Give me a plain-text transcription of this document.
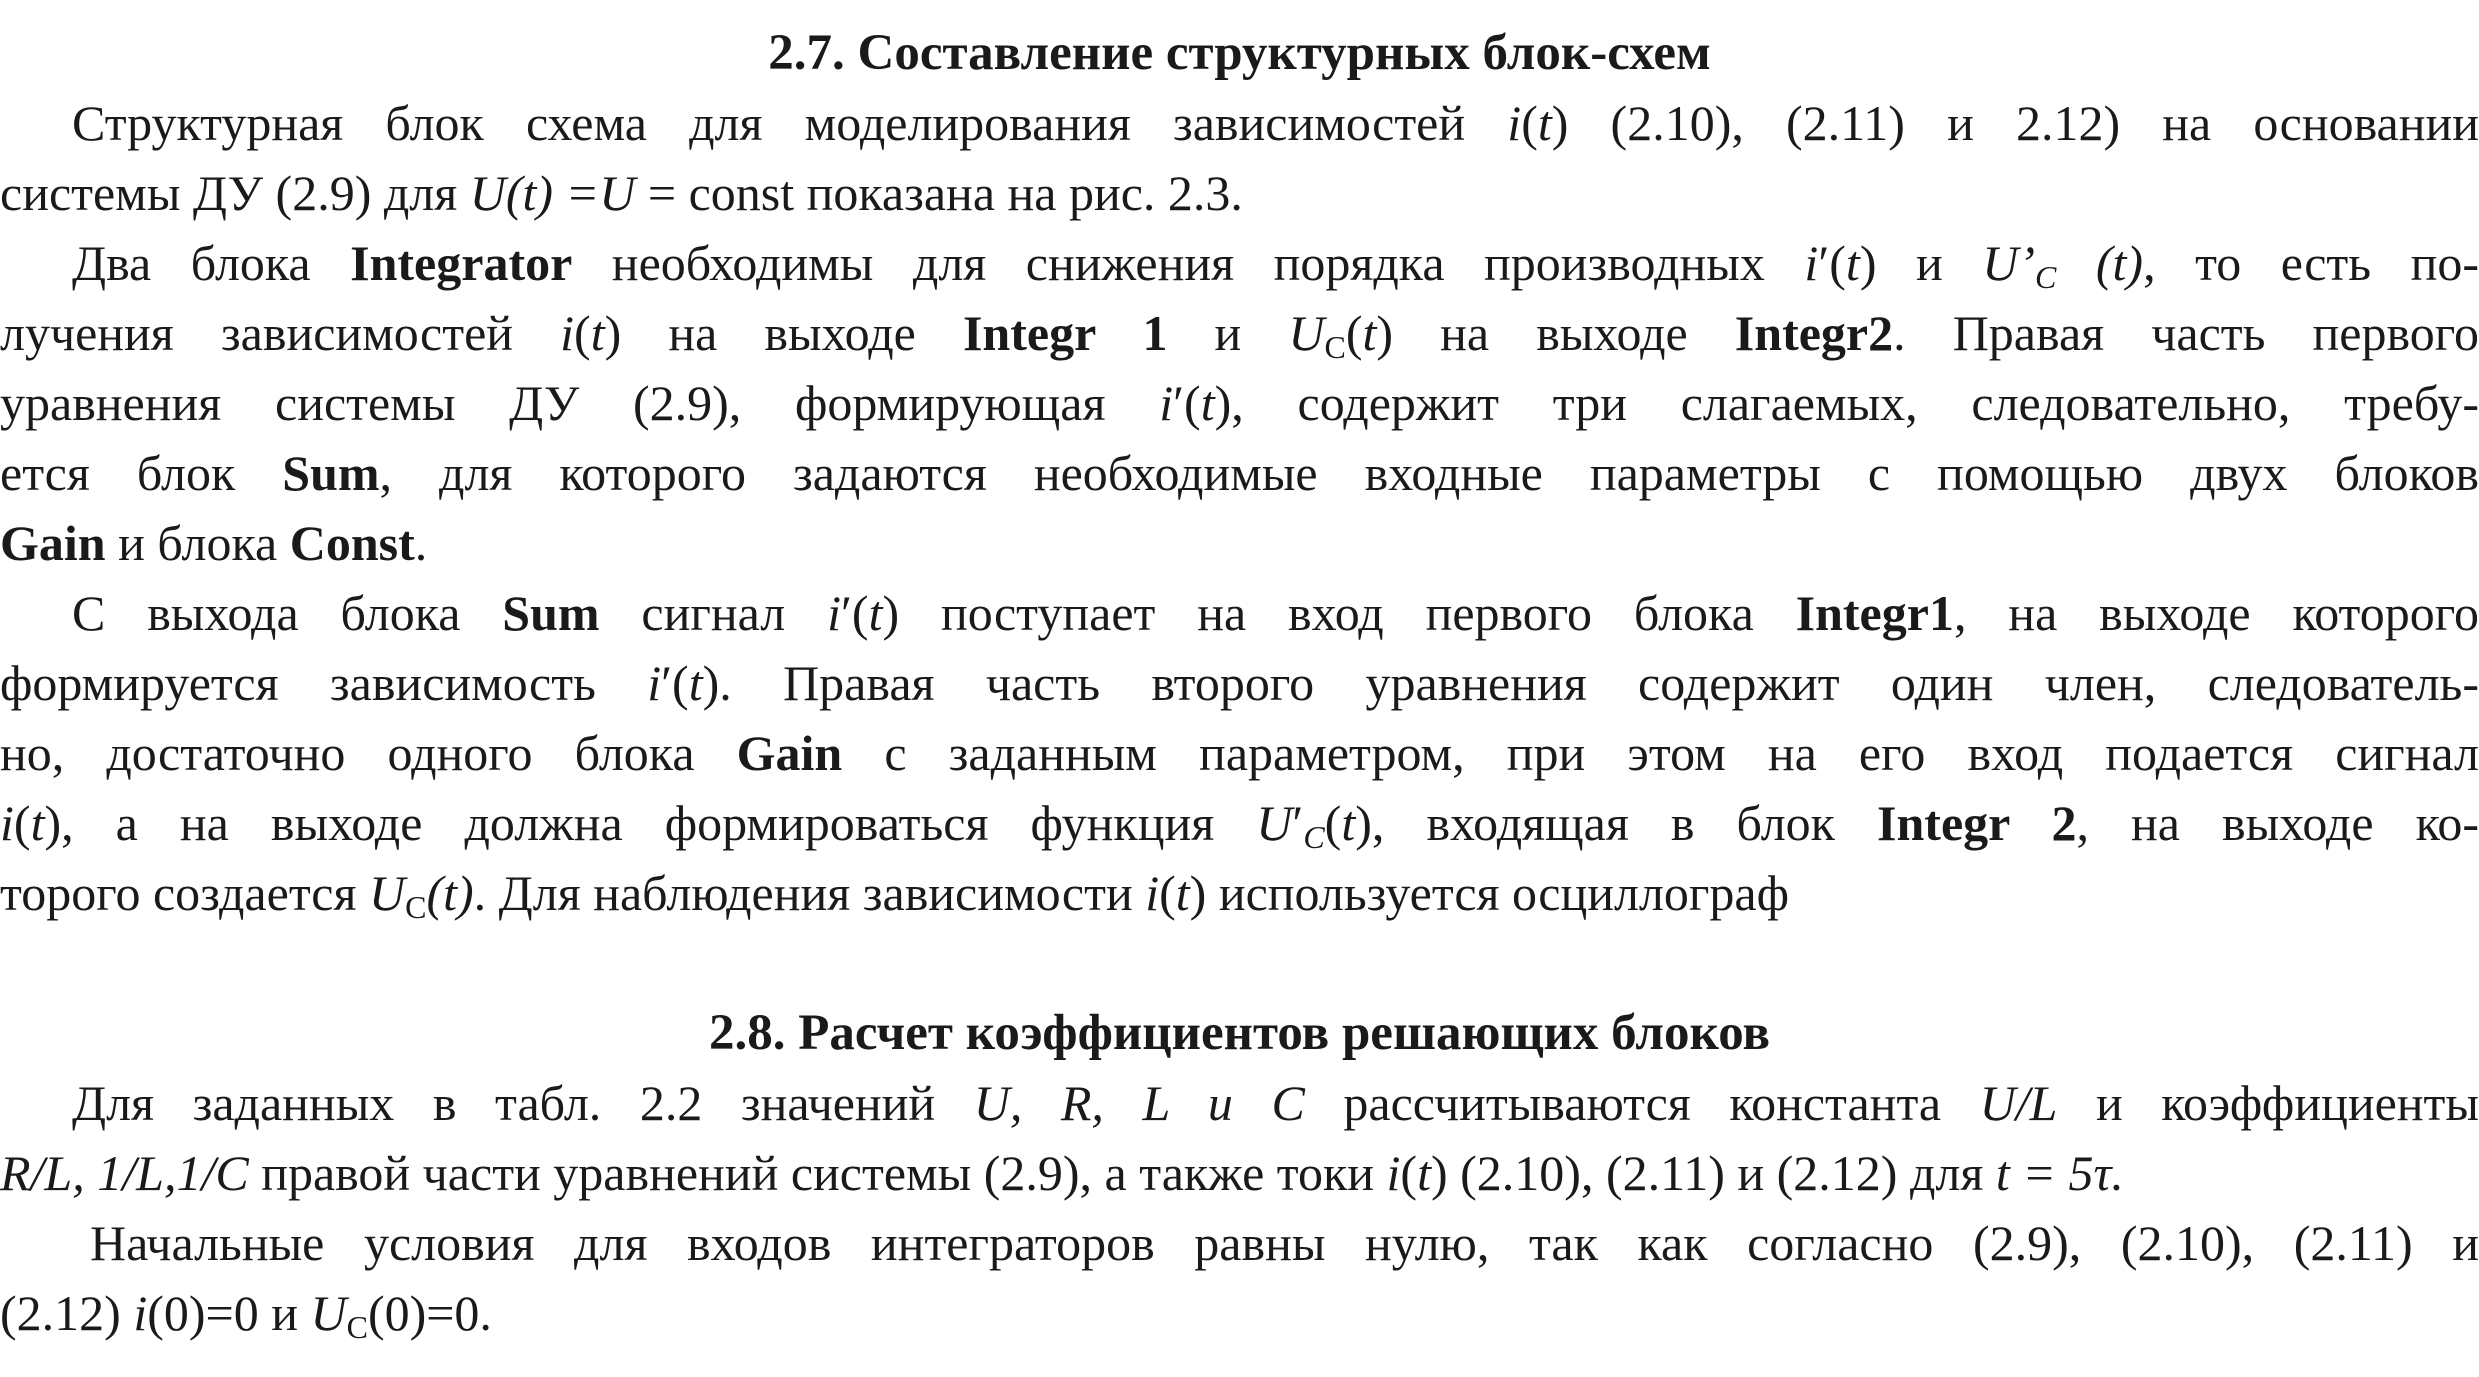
2.7. Составление структурных блок-схем

Структурная блок схема для моделирования зависимостей i(t) (2.10), (2.11) и 2.12) на основании

системы ДУ (2.9) для U(t) =U = const показана на рис. 2.3.

Два блока Integrator необходимы для снижения порядка производных i′(t) и $U’_C$ (t), то есть по-

лучения зависимостей i(t) на выходе Integr 1 и $U_C(t)$ на выходе Integr2. Правая часть первого

уравнения системы ДУ (2.9), формирующая i′(t), содержит три слагаемых, следовательно, требу-

ется блок Sum, для которого задаются необходимые входные параметры с помощью двух блоков

Gain и блока Const.

С выхода блока Sum сигнал i′(t) поступает на вход первого блока Integr1, на выходе которого

формируется зависимость i′(t). Правая часть второго уравнения содержит один член, следователь-

но, достаточно одного блока Gain с заданным параметром, при этом на его вход подается сигнал

i(t), а на выходе должна формироваться функция $U'_C(t)$, входящая в блок Integr 2, на выходе ко-

торого создается $U_C(t)$. Для наблюдения зависимости i(t) используется осциллограф

2.8. Расчет коэффициентов решающих блоков

Для заданных в табл. 2.2 значений U, R, L и C рассчитываются константа U/L и коэффициенты

R/L, 1/L,1/C правой части уравнений системы (2.9), а также токи i(t) (2.10), (2.11) и (2.12) для t = 5τ.

Начальные условия для входов интеграторов равны нулю, так как согласно (2.9), (2.10), (2.11) и

(2.12) i(0)=0 и $U_C(0)=0$.
